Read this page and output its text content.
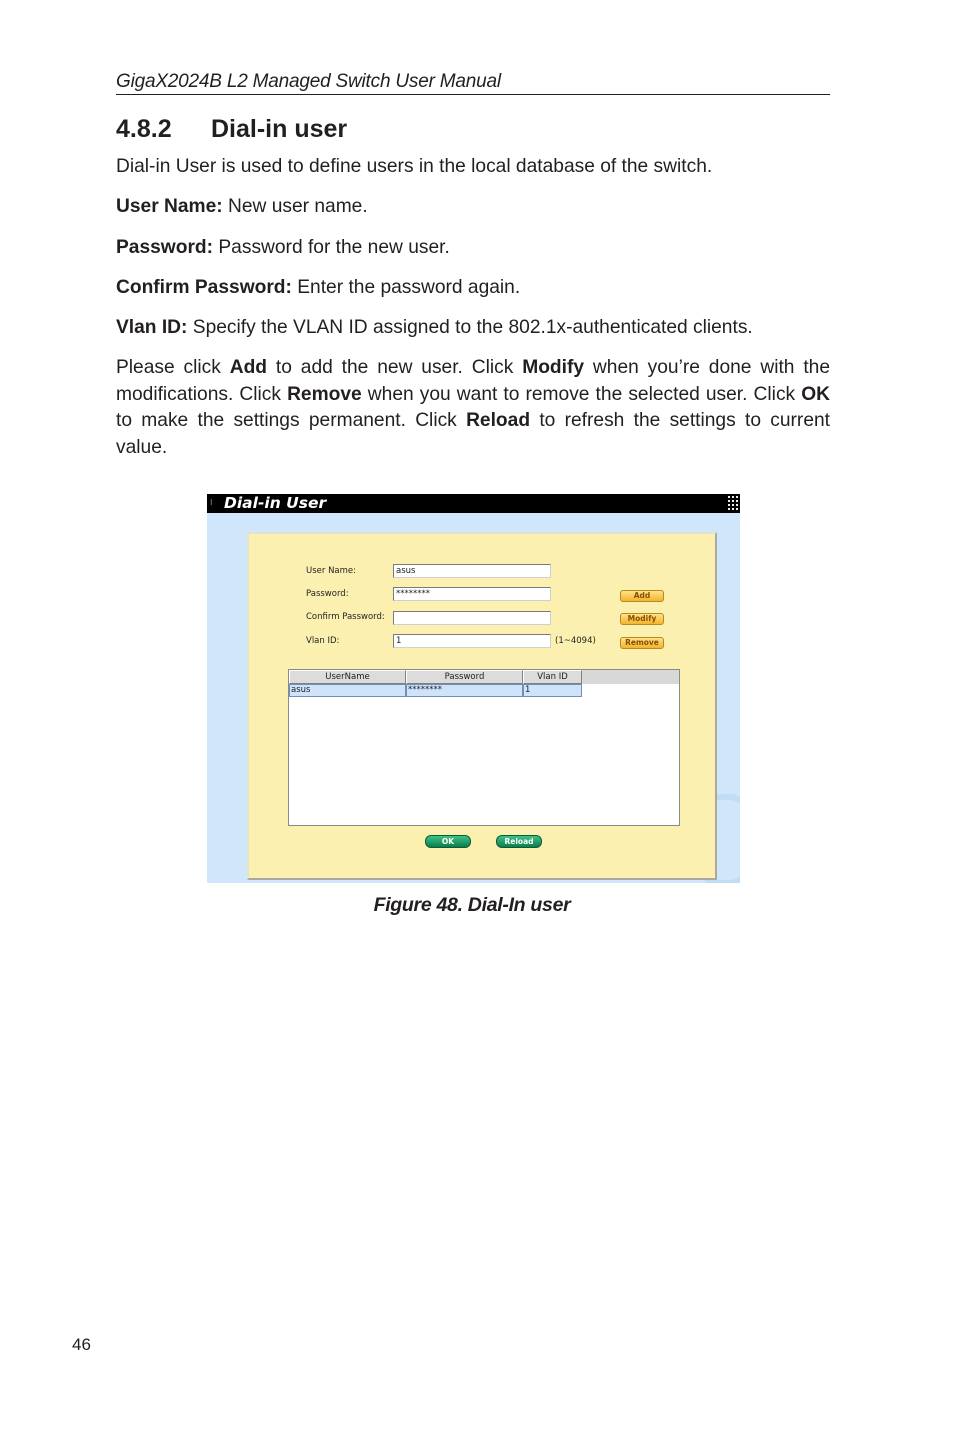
GigaX2024B L2 Managed Switch User Manual
4.8.2 Dial-in user

Dial-in User is used to define users in the local database of the switch.

User Name: New user name.

Password: Password for the new user.

Confirm Password: Enter the password again.

Vlan ID: Specify the VLAN ID assigned to the 802.1x-authenticated clients.

Please click Add to add the new user. Click Modify when you’re done with the modifications. Click Remove when you want to remove the selected user. Click OK to make the settings permanent. Click Reload to refresh the settings to current value.

⁝ Dial-in User
User Name:	asus
Password:	********
Confirm Password:
Vlan ID:	1	(1~4094)
Add
Modify
Remove
UserName	Password	Vlan ID
asus	********	1
OK	Reload
Figure 48. Dial-In user
46
